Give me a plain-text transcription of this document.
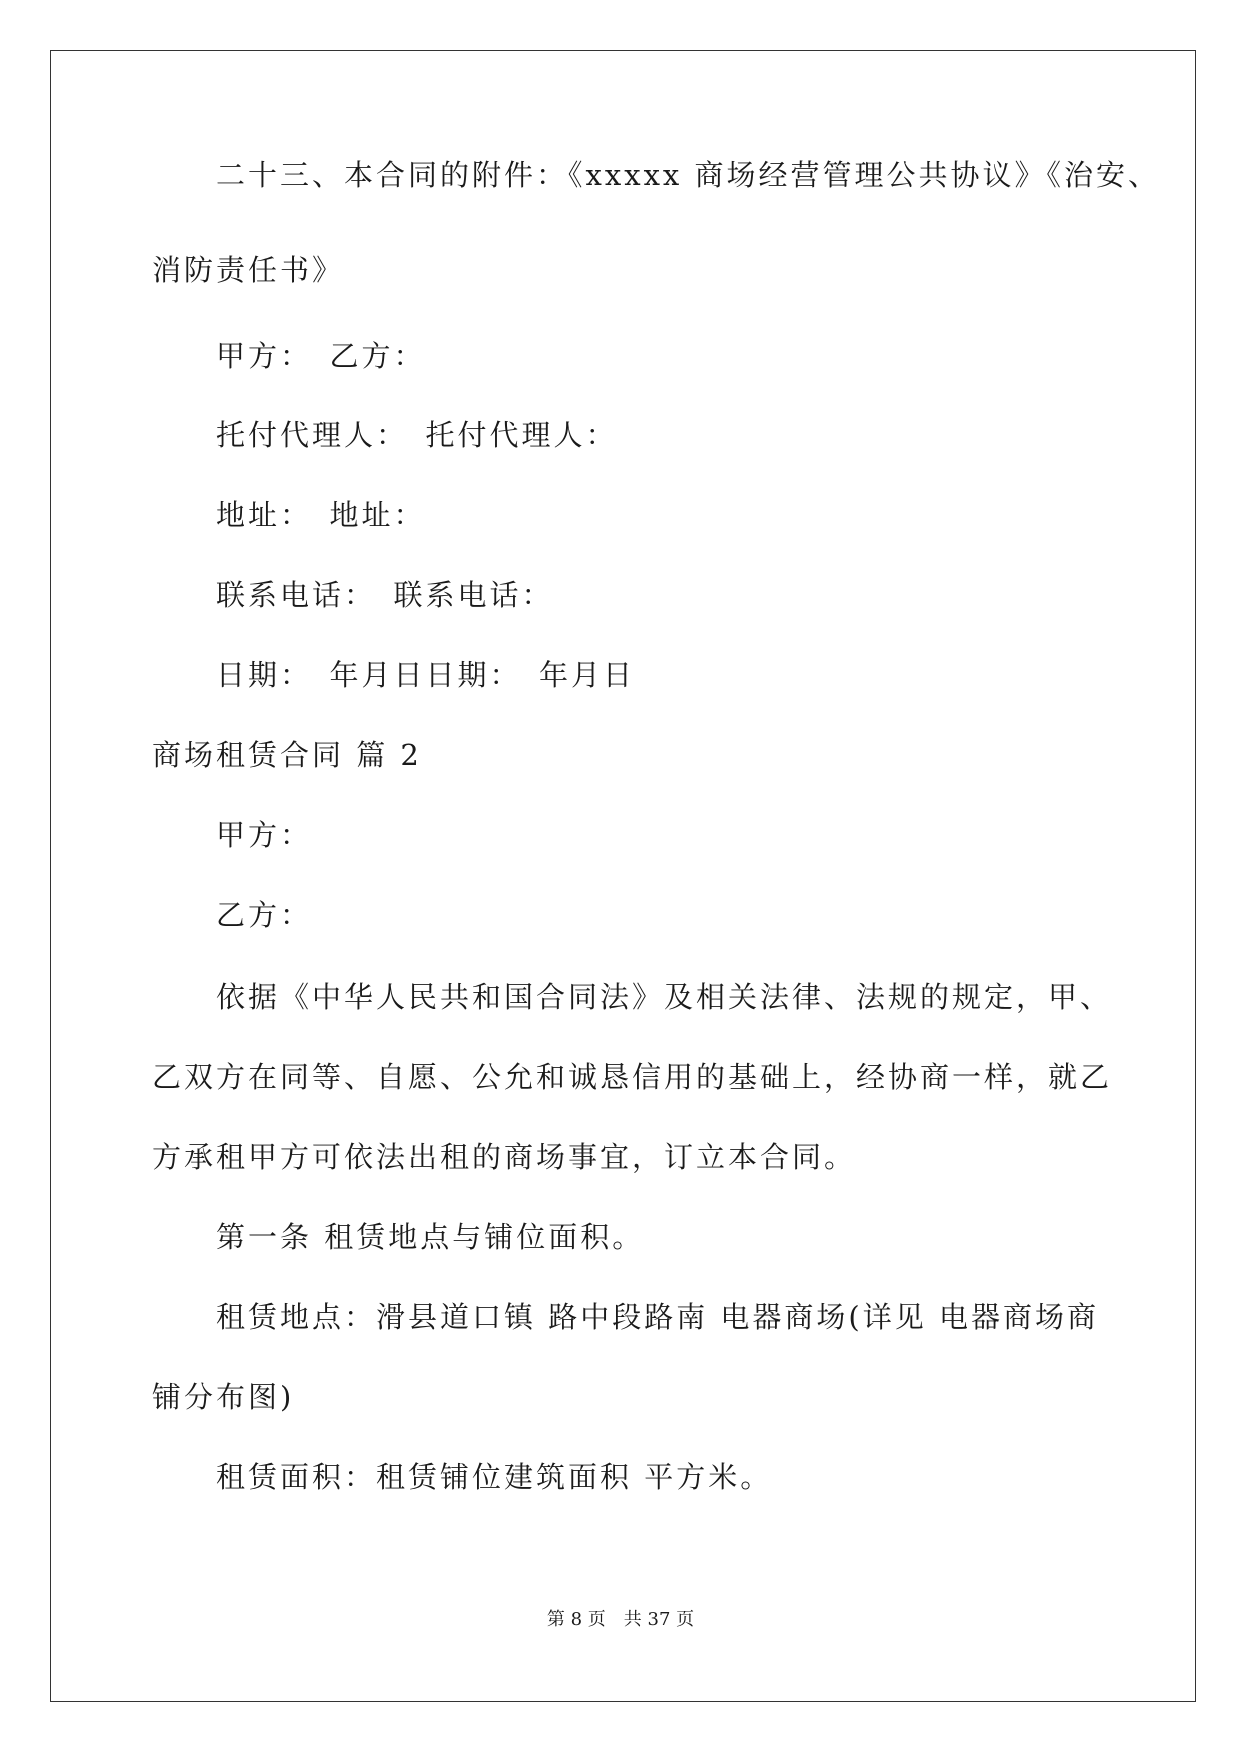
二十三、本合同的附件：《xxxxx 商场经营管理公共协议》《治安、
消防责任书》
甲方：　乙方：
托付代理人：　托付代理人：
地址：　地址：
联系电话：　联系电话：
日期：　年月日日期：　年月日
商场租赁合同 篇 2
甲方：
乙方：
依据《中华人民共和国合同法》及相关法律、法规的规定，甲、
乙双方在同等、自愿、公允和诚恳信用的基础上，经协商一样，就乙
方承租甲方可依法出租的商场事宜，订立本合同。
第一条 租赁地点与铺位面积。
租赁地点：滑县道口镇 路中段路南 电器商场(详见 电器商场商
铺分布图)
租赁面积：租赁铺位建筑面积 平方米。
第 8 页　共 37 页
